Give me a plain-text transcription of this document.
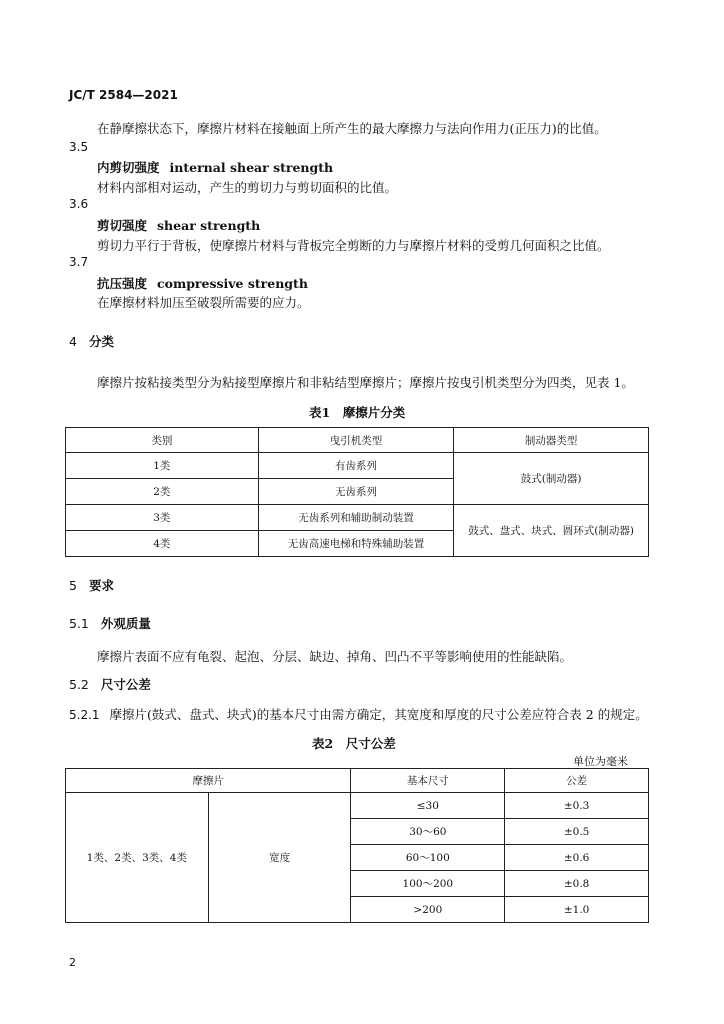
JC/T 2584—2021
在静摩擦状态下，摩擦片材料在接触面上所产生的最大摩擦力与法向作用力(正压力)的比值。
3.5
内剪切强度 internal shear strength
材料内部相对运动，产生的剪切力与剪切面积的比值。
3.6
剪切强度 shear strength
剪切力平行于背板，使摩擦片材料与背板完全剪断的力与摩擦片材料的受剪几何面积之比值。
3.7
抗压强度 compressive strength
在摩擦材料加压至破裂所需要的应力。
4 分类
摩擦片按粘接类型分为粘接型摩擦片和非粘结型摩擦片；摩擦片按曳引机类型分为四类，见表 1。
表1　摩擦片分类
类别	曳引机类型	制动器类型
1类	有齿系列	鼓式(制动器)
2类	无齿系列	
3类	无齿系列和辅助制动装置	鼓式、盘式、块式、圆环式(制动器)
4类	无齿高速电梯和特殊辅助装置	
5 要求
5.1 外观质量
摩擦片表面不应有龟裂、起泡、分层、缺边、掉角、凹凸不平等影响使用的性能缺陷。
5.2 尺寸公差
5.2.1 摩擦片(鼓式、盘式、块式)的基本尺寸由需方确定，其宽度和厚度的尺寸公差应符合表 2 的规定。
表2　尺寸公差
单位为毫米
摩擦片		基本尺寸	公差
1类、2类、3类、4类	宽度	≤30	±0.3
		30～60	±0.5
		60～100	±0.6
		100～200	±0.8
		>200	±1.0
2
